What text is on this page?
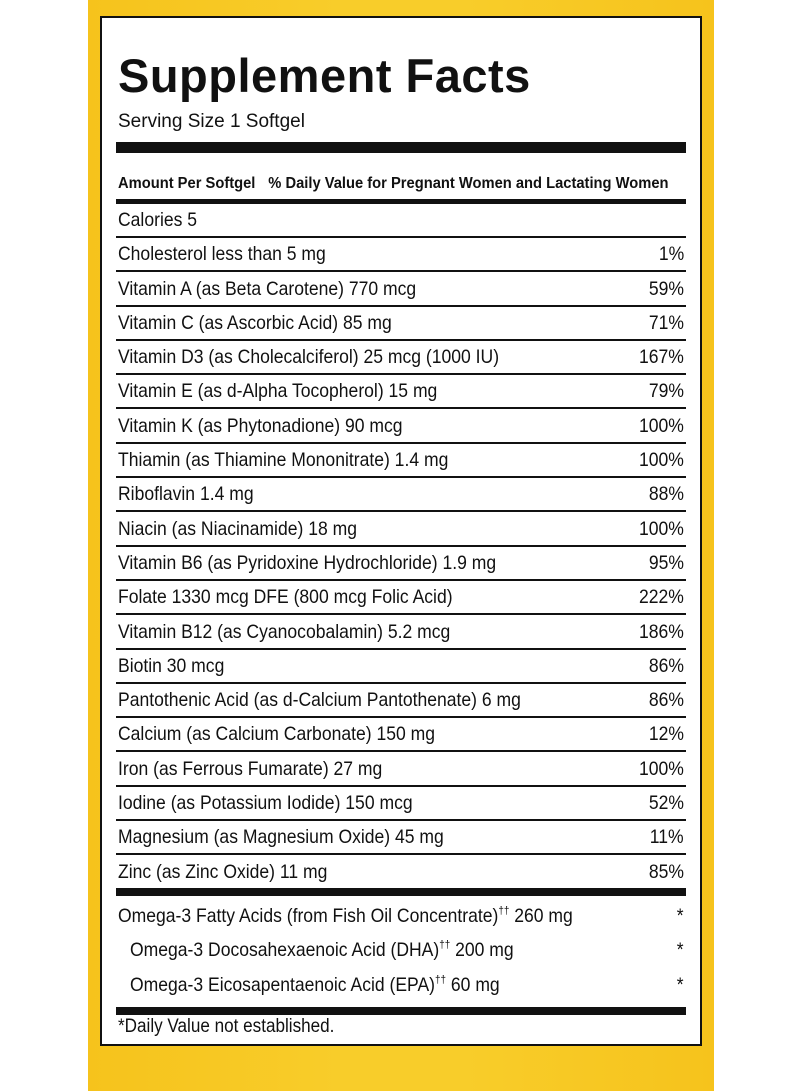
Supplement Facts
Serving Size 1 Softgel
Amount Per Softgel % Daily Value for Pregnant Women and Lactating Women
Calories 5
Cholesterol less than 5 mg	1%
Vitamin A (as Beta Carotene) 770 mcg	59%
Vitamin C (as Ascorbic Acid) 85 mg	71%
Vitamin D3 (as Cholecalciferol) 25 mcg (1000 IU)	167%
Vitamin E (as d-Alpha Tocopherol) 15 mg	79%
Vitamin K (as Phytonadione) 90 mcg	100%
Thiamin (as Thiamine Mononitrate) 1.4 mg	100%
Riboflavin 1.4 mg	88%
Niacin (as Niacinamide) 18 mg	100%
Vitamin B6 (as Pyridoxine Hydrochloride) 1.9 mg	95%
Folate 1330 mcg DFE (800 mcg Folic Acid)	222%
Vitamin B12 (as Cyanocobalamin) 5.2 mcg	186%
Biotin 30 mcg	86%
Pantothenic Acid (as d-Calcium Pantothenate) 6 mg	86%
Calcium (as Calcium Carbonate) 150 mg	12%
Iron (as Ferrous Fumarate) 27 mg	100%
Iodine (as Potassium Iodide) 150 mcg	52%
Magnesium (as Magnesium Oxide) 45 mg	11%
Zinc (as Zinc Oxide) 11 mg	85%
Omega-3 Fatty Acids (from Fish Oil Concentrate)†† 260 mg	*
Omega-3 Docosahexaenoic Acid (DHA)†† 200 mg	*
Omega-3 Eicosapentaenoic Acid (EPA)†† 60 mg	*
*Daily Value not established.
